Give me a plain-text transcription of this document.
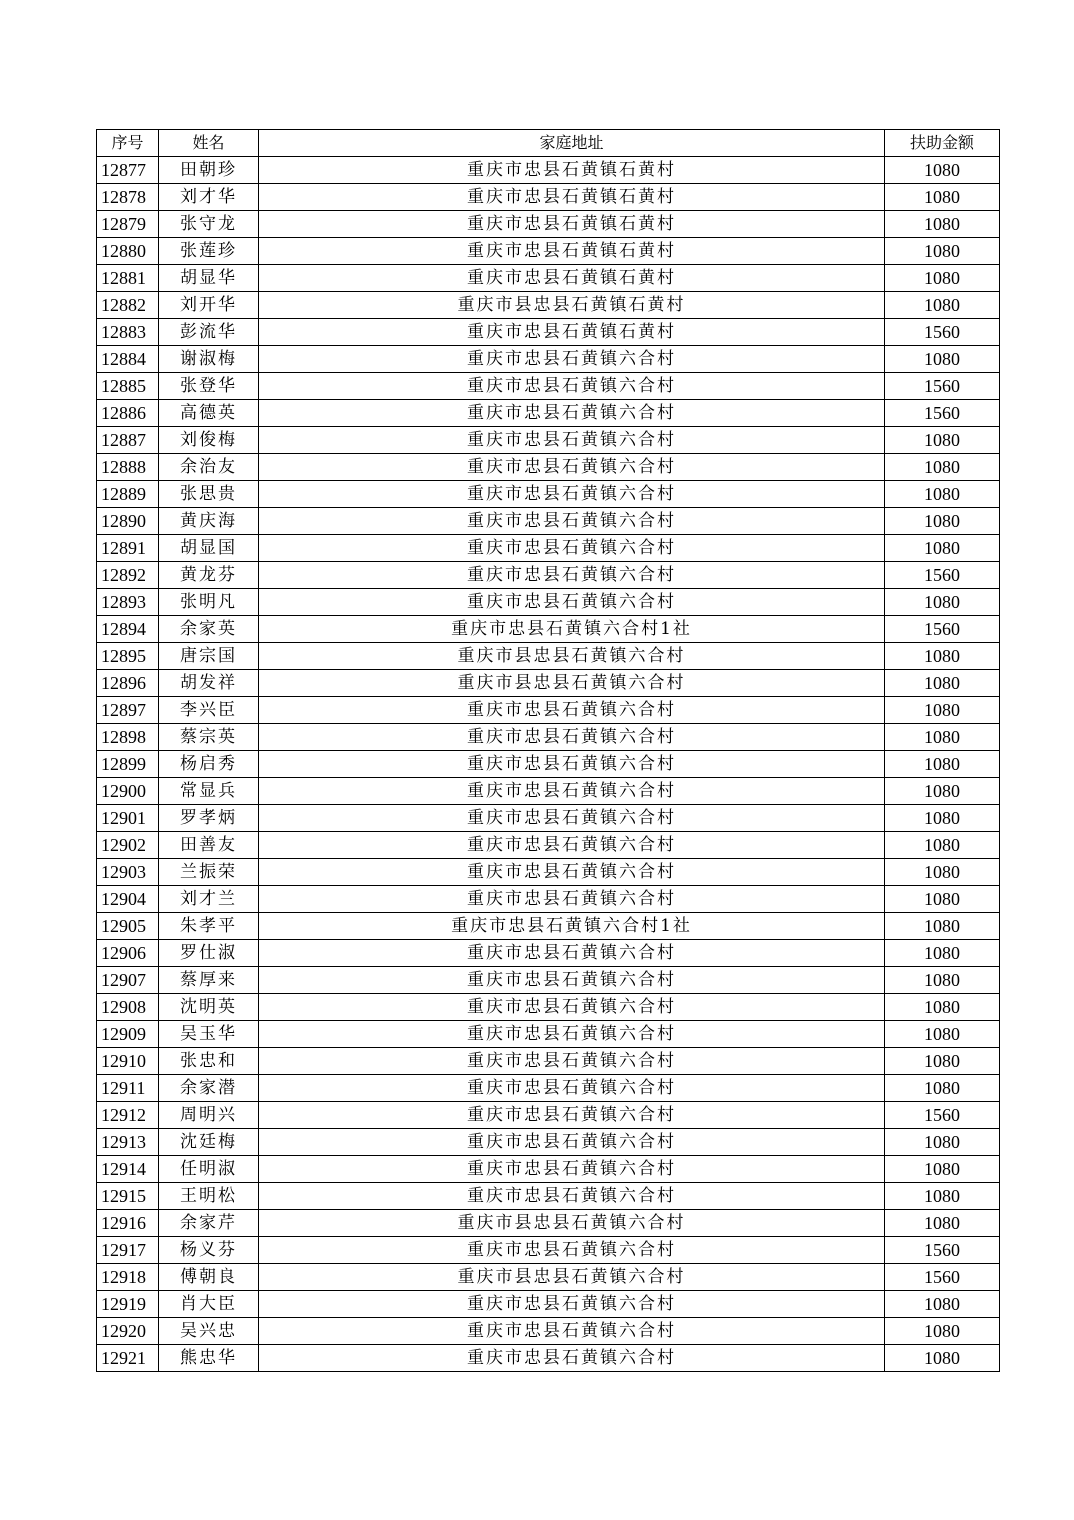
序号	姓名	家庭地址	扶助金额
12877	田朝珍	重庆市忠县石黄镇石黄村	1080
12878	刘才华	重庆市忠县石黄镇石黄村	1080
12879	张守龙	重庆市忠县石黄镇石黄村	1080
12880	张莲珍	重庆市忠县石黄镇石黄村	1080
12881	胡显华	重庆市忠县石黄镇石黄村	1080
12882	刘开华	重庆市县忠县石黄镇石黄村	1080
12883	彭流华	重庆市忠县石黄镇石黄村	1560
12884	谢淑梅	重庆市忠县石黄镇六合村	1080
12885	张登华	重庆市忠县石黄镇六合村	1560
12886	高德英	重庆市忠县石黄镇六合村	1560
12887	刘俊梅	重庆市忠县石黄镇六合村	1080
12888	余治友	重庆市忠县石黄镇六合村	1080
12889	张思贵	重庆市忠县石黄镇六合村	1080
12890	黄庆海	重庆市忠县石黄镇六合村	1080
12891	胡显国	重庆市忠县石黄镇六合村	1080
12892	黄龙芬	重庆市忠县石黄镇六合村	1560
12893	张明凡	重庆市忠县石黄镇六合村	1080
12894	余家英	重庆市忠县石黄镇六合村1社	1560
12895	唐宗国	重庆市县忠县石黄镇六合村	1080
12896	胡发祥	重庆市县忠县石黄镇六合村	1080
12897	李兴臣	重庆市忠县石黄镇六合村	1080
12898	蔡宗英	重庆市忠县石黄镇六合村	1080
12899	杨启秀	重庆市忠县石黄镇六合村	1080
12900	常显兵	重庆市忠县石黄镇六合村	1080
12901	罗孝炳	重庆市忠县石黄镇六合村	1080
12902	田善友	重庆市忠县石黄镇六合村	1080
12903	兰振荣	重庆市忠县石黄镇六合村	1080
12904	刘才兰	重庆市忠县石黄镇六合村	1080
12905	朱孝平	重庆市忠县石黄镇六合村1社	1080
12906	罗仕淑	重庆市忠县石黄镇六合村	1080
12907	蔡厚来	重庆市忠县石黄镇六合村	1080
12908	沈明英	重庆市忠县石黄镇六合村	1080
12909	吴玉华	重庆市忠县石黄镇六合村	1080
12910	张忠和	重庆市忠县石黄镇六合村	1080
12911	余家潜	重庆市忠县石黄镇六合村	1080
12912	周明兴	重庆市忠县石黄镇六合村	1560
12913	沈廷梅	重庆市忠县石黄镇六合村	1080
12914	任明淑	重庆市忠县石黄镇六合村	1080
12915	王明松	重庆市忠县石黄镇六合村	1080
12916	余家芹	重庆市县忠县石黄镇六合村	1080
12917	杨义芬	重庆市忠县石黄镇六合村	1560
12918	傅朝良	重庆市县忠县石黄镇六合村	1560
12919	肖大臣	重庆市忠县石黄镇六合村	1080
12920	吴兴忠	重庆市忠县石黄镇六合村	1080
12921	熊忠华	重庆市忠县石黄镇六合村	1080
